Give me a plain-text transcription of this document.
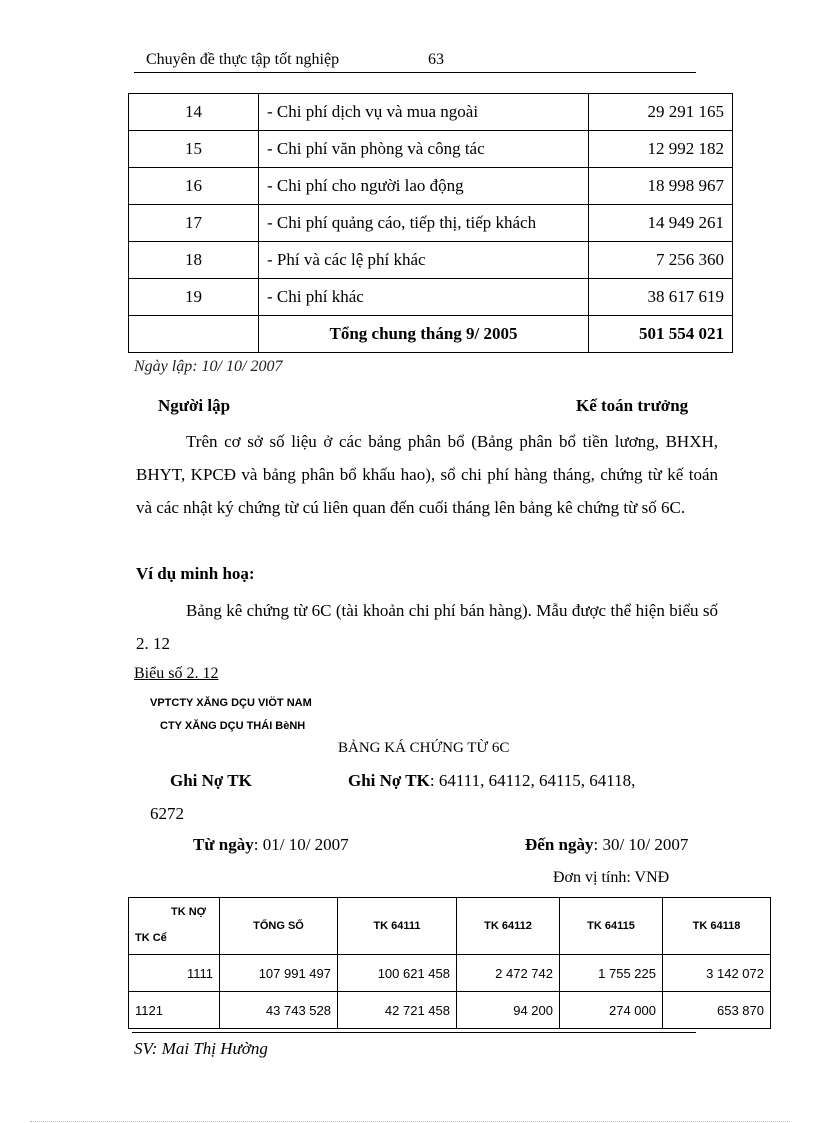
Chuyên đề thực tập tốt nghiệp	63
14	- Chi phí dịch vụ và mua ngoài	29 291 165
15	- Chi phí văn phòng và công tác	12 992 182
16	- Chi phí cho người lao động	18 998 967
17	- Chi phí quảng cáo, tiếp thị, tiếp khách	14 949 261
18	- Phí và các lệ phí khác	7 256 360
19	- Chi phí khác	38 617 619
	Tổng chung tháng 9/ 2005	501 554 021
Ngày lập: 10/ 10/ 2007
Người lập	Kế toán trưởng
Trên cơ sở số liệu ở các bảng phân bổ (Bảng phân bổ tiền lương, BHXH, BHYT, KPCĐ và bảng phân bổ khấu hao), sổ chi phí hàng tháng, chứng từ kế toán và các nhật ký chứng từ cú liên quan đến cuối tháng lên bảng kê chứng từ số 6C.
Ví dụ minh hoạ:
Bảng kê chứng từ 6C (tài khoản chi phí bán hàng). Mẫu được thể hiện biểu số 2. 12
Biểu số 2. 12
VPTCTY XĂNG DÇU VIÖT NAM
CTY XĂNG DÇU THÁI BèNH
BẢNG KÁ CHỨNG TỪ 6C
Ghi Nợ TK	Ghi Nợ TK: 64111, 64112, 64115, 64118,
6272
Từ ngày: 01/ 10/ 2007	Đến ngày: 30/ 10/ 2007
Đơn vị tính: VNĐ
TK NỢ
TK Cể	TỔNG SỐ	TK 64111	TK 64112	TK 64115	TK 64118
1111	107 991 497	100 621 458	2 472 742	1 755 225	3 142 072
1121	43 743 528	42 721 458	94 200	274 000	653 870
SV: Mai Thị Hường
